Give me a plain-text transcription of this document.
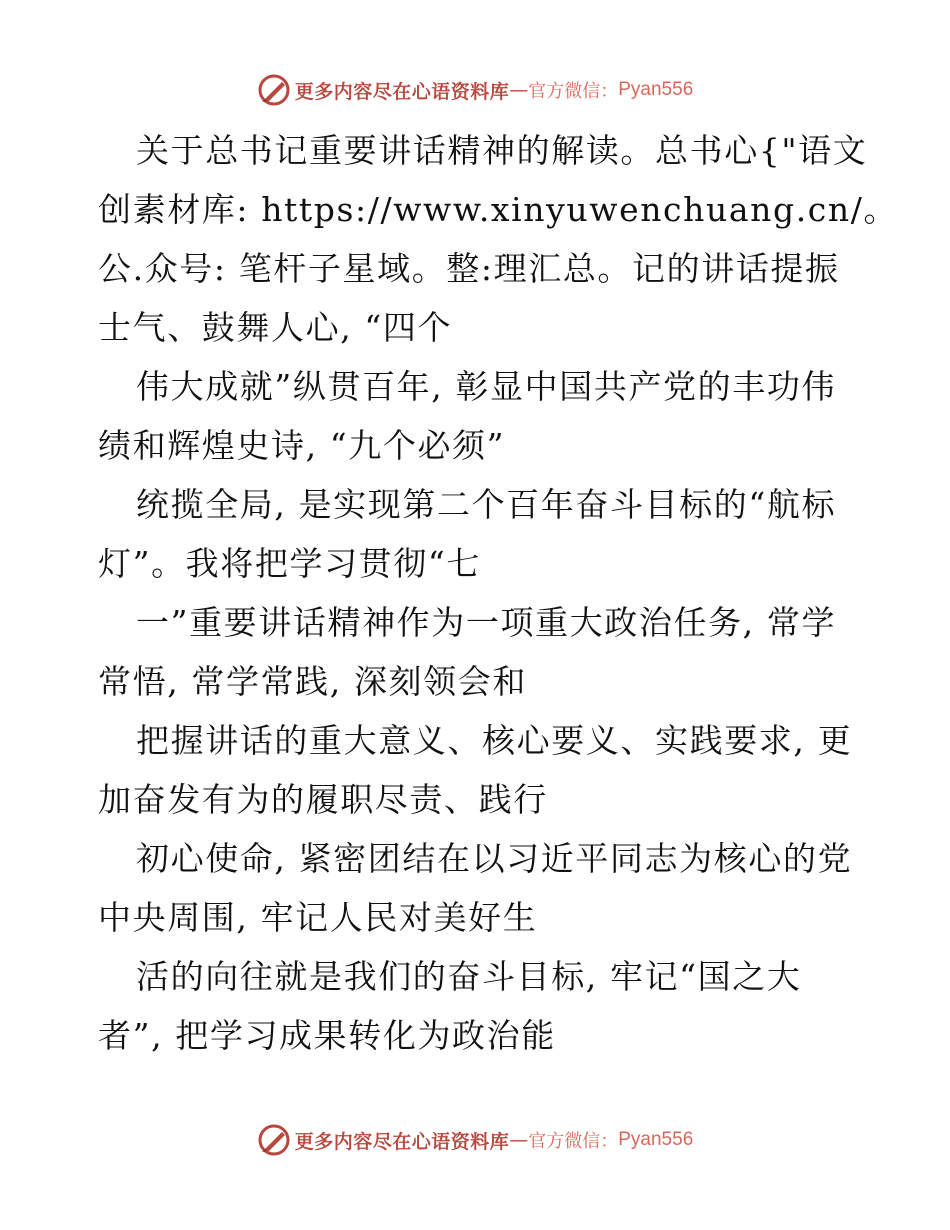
更多内容尽在心语资料库 — 官方微信： Pyan556
关于总书记重要讲话精神的解读。总书心{"语文
创素材库: https://www.xinyuwenchuang.cn/。
公.众号: 笔杆子星域。整:理汇总。记的讲话提振
士气、鼓舞人心, “四个
伟大成就”纵贯百年, 彰显中国共产党的丰功伟
绩和辉煌史诗, “九个必须”
统揽全局, 是实现第二个百年奋斗目标的“航标
灯”。我将把学习贯彻“七
一”重要讲话精神作为一项重大政治任务, 常学
常悟, 常学常践, 深刻领会和
把握讲话的重大意义、核心要义、实践要求, 更
加奋发有为的履职尽责、践行
初心使命, 紧密团结在以习近平同志为核心的党
中央周围, 牢记人民对美好生
活的向往就是我们的奋斗目标, 牢记“国之大
者”, 把学习成果转化为政治能
更多内容尽在心语资料库 — 官方微信： Pyan556
